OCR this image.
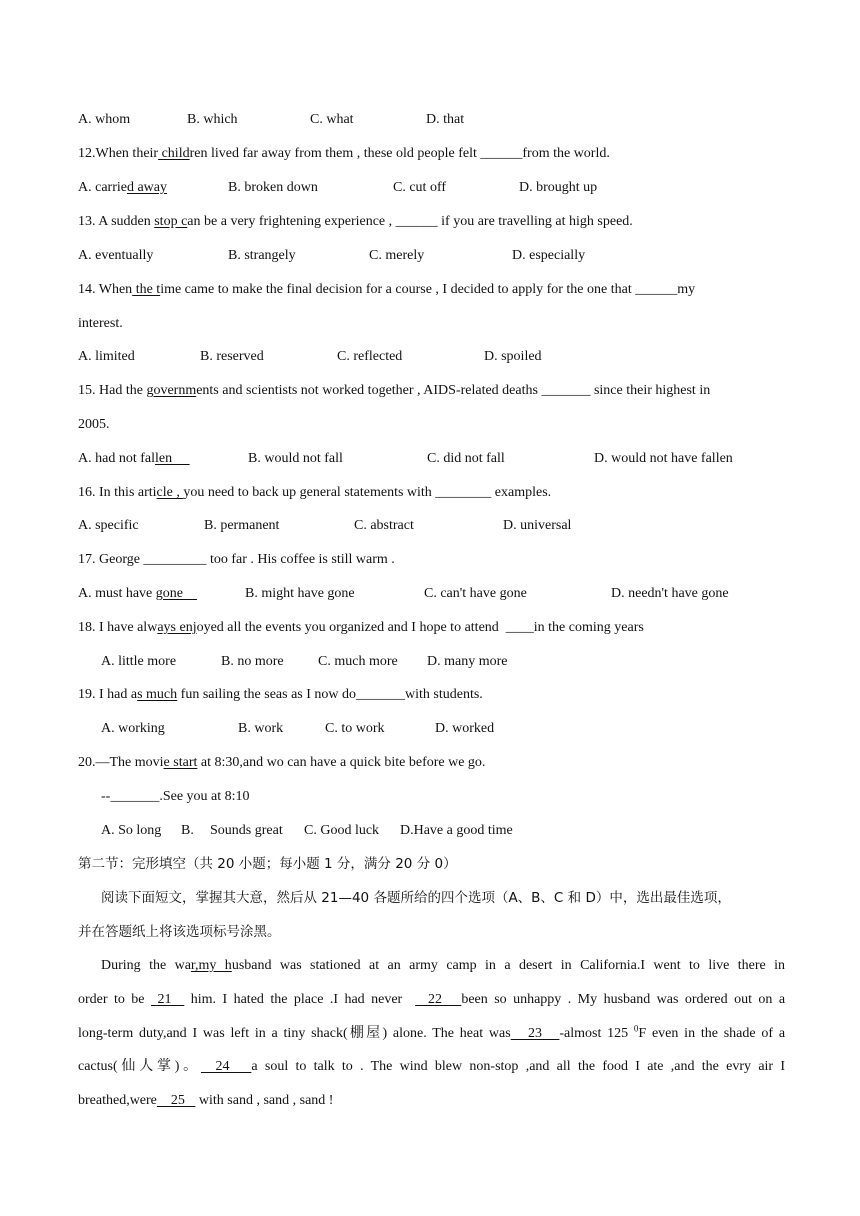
A. whom	B. which	C. what	D. that
12.When their children lived far away from them , these old people felt ______from the world.
A. carried away	B. broken down	C. cut off	D. brought up
13. A sudden stop can be a very frightening experience , ______ if you are travelling at high speed.
A. eventually	B. strangely	C. merely	D. especially
14. When the time came to make the final decision for a course , I decided to apply for the one that ______my
interest.
A. limited	B. reserved	C. reflected	D. spoiled
15. Had the governments and scientists not worked together , AIDS-related deaths _______ since their highest in
2005.
A. had not fallen	B. would not fall	C. did not fall	D. would not have fallen
16. In this article , you need to back up general statements with ________ examples.
A. specific	B. permanent	C. abstract	D. universal
17. George _________ too far . His coffee is still warm .
A. must have gone	B. might have gone	C. can't have gone	D. needn't have gone
18. I have always enjoyed all the events you organized and I hope to attend  ____in the coming years
A. little more	B. no more C. much more D. many more
19. I had as much fun sailing the seas as I now do_______with students.
A. working	B. work	C. to work	D. worked
20.—The movie start at 8:30,and wo can have a quick bite before we go.
--_______.See you at 8:10
A. So long B. Sounds great C. Good luck D.Have a good time
第二节：完形填空（共 20 小题；每小题 1 分，满分 20 分 0）
阅读下面短文，掌握其大意，然后从 21—40 各题所给的四个选项（A、B、C 和 D）中，选出最佳选项，
并在答题纸上将该选项标号涂黑。
During the war,my husband was stationed at an army camp in a desert in California.I went to live there in
order to be 21   him. I hated the place .I had never    22 been so unhappy . My husband was ordered out on a
long-term duty,and I was left in a tiny shack(棚屋) alone. The heat was 23 -almost 125 $^0$F even in the shade of a
cactus(仙人掌)。 24 a soul to talk to . The wind blew non-stop ,and all the food I ate ,and the evry air I
breathed,were 25    with sand , sand , sand !
